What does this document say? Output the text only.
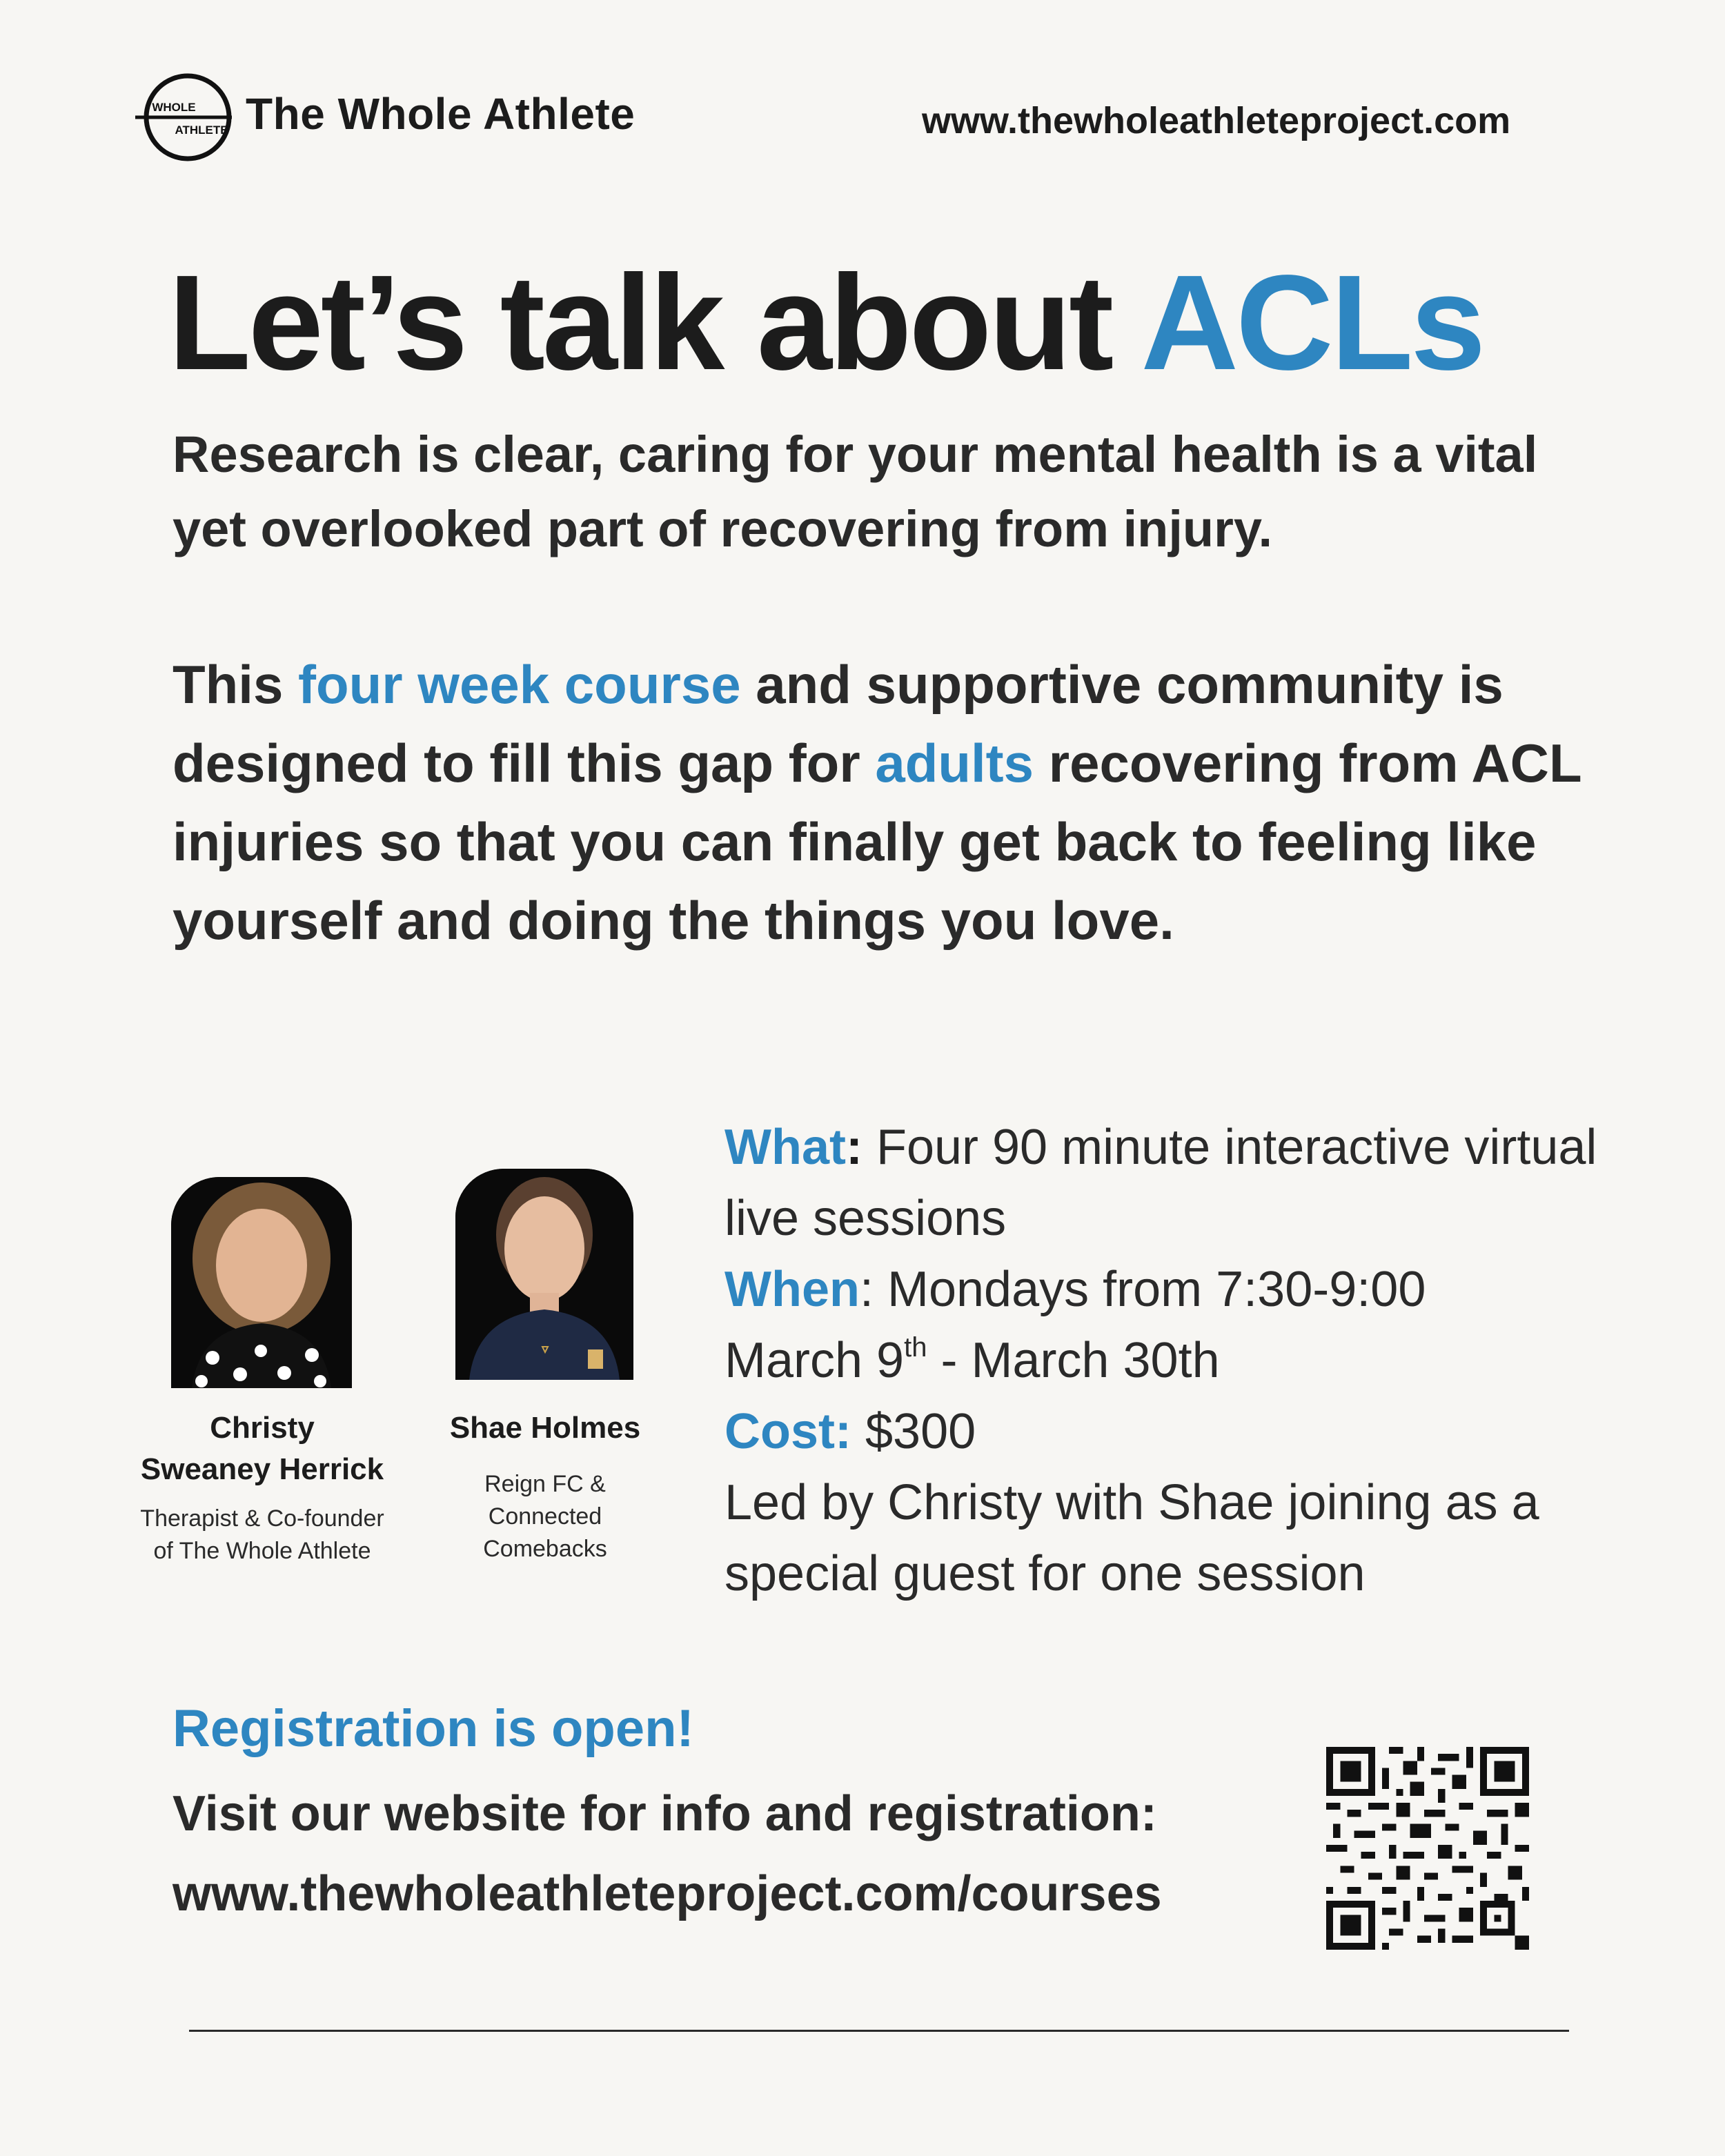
WHOLE
ATHLETE The Whole Athlete	www.thewholeathleteproject.com
Let’s talk about ACLs
Research is clear, caring for your mental health is a vital yet overlooked part of recovering from injury.
This four week course and supportive community is designed to fill this gap for adults recovering from ACL injuries so that you can finally get back to feeling like yourself and doing the things you love.
Christy
Sweaney Herrick
Therapist & Co-founder
of The Whole Athlete
Shae Holmes
Reign FC &
Connected
Comebacks
What: Four 90 minute interactive virtual live sessions
When: Mondays from 7:30-9:00
March 9th - March 30th
Cost: $300
Led by Christy with Shae joining as a special guest for one session
Registration is open!
Visit our website for info and registration:
www.thewholeathleteproject.com/courses
